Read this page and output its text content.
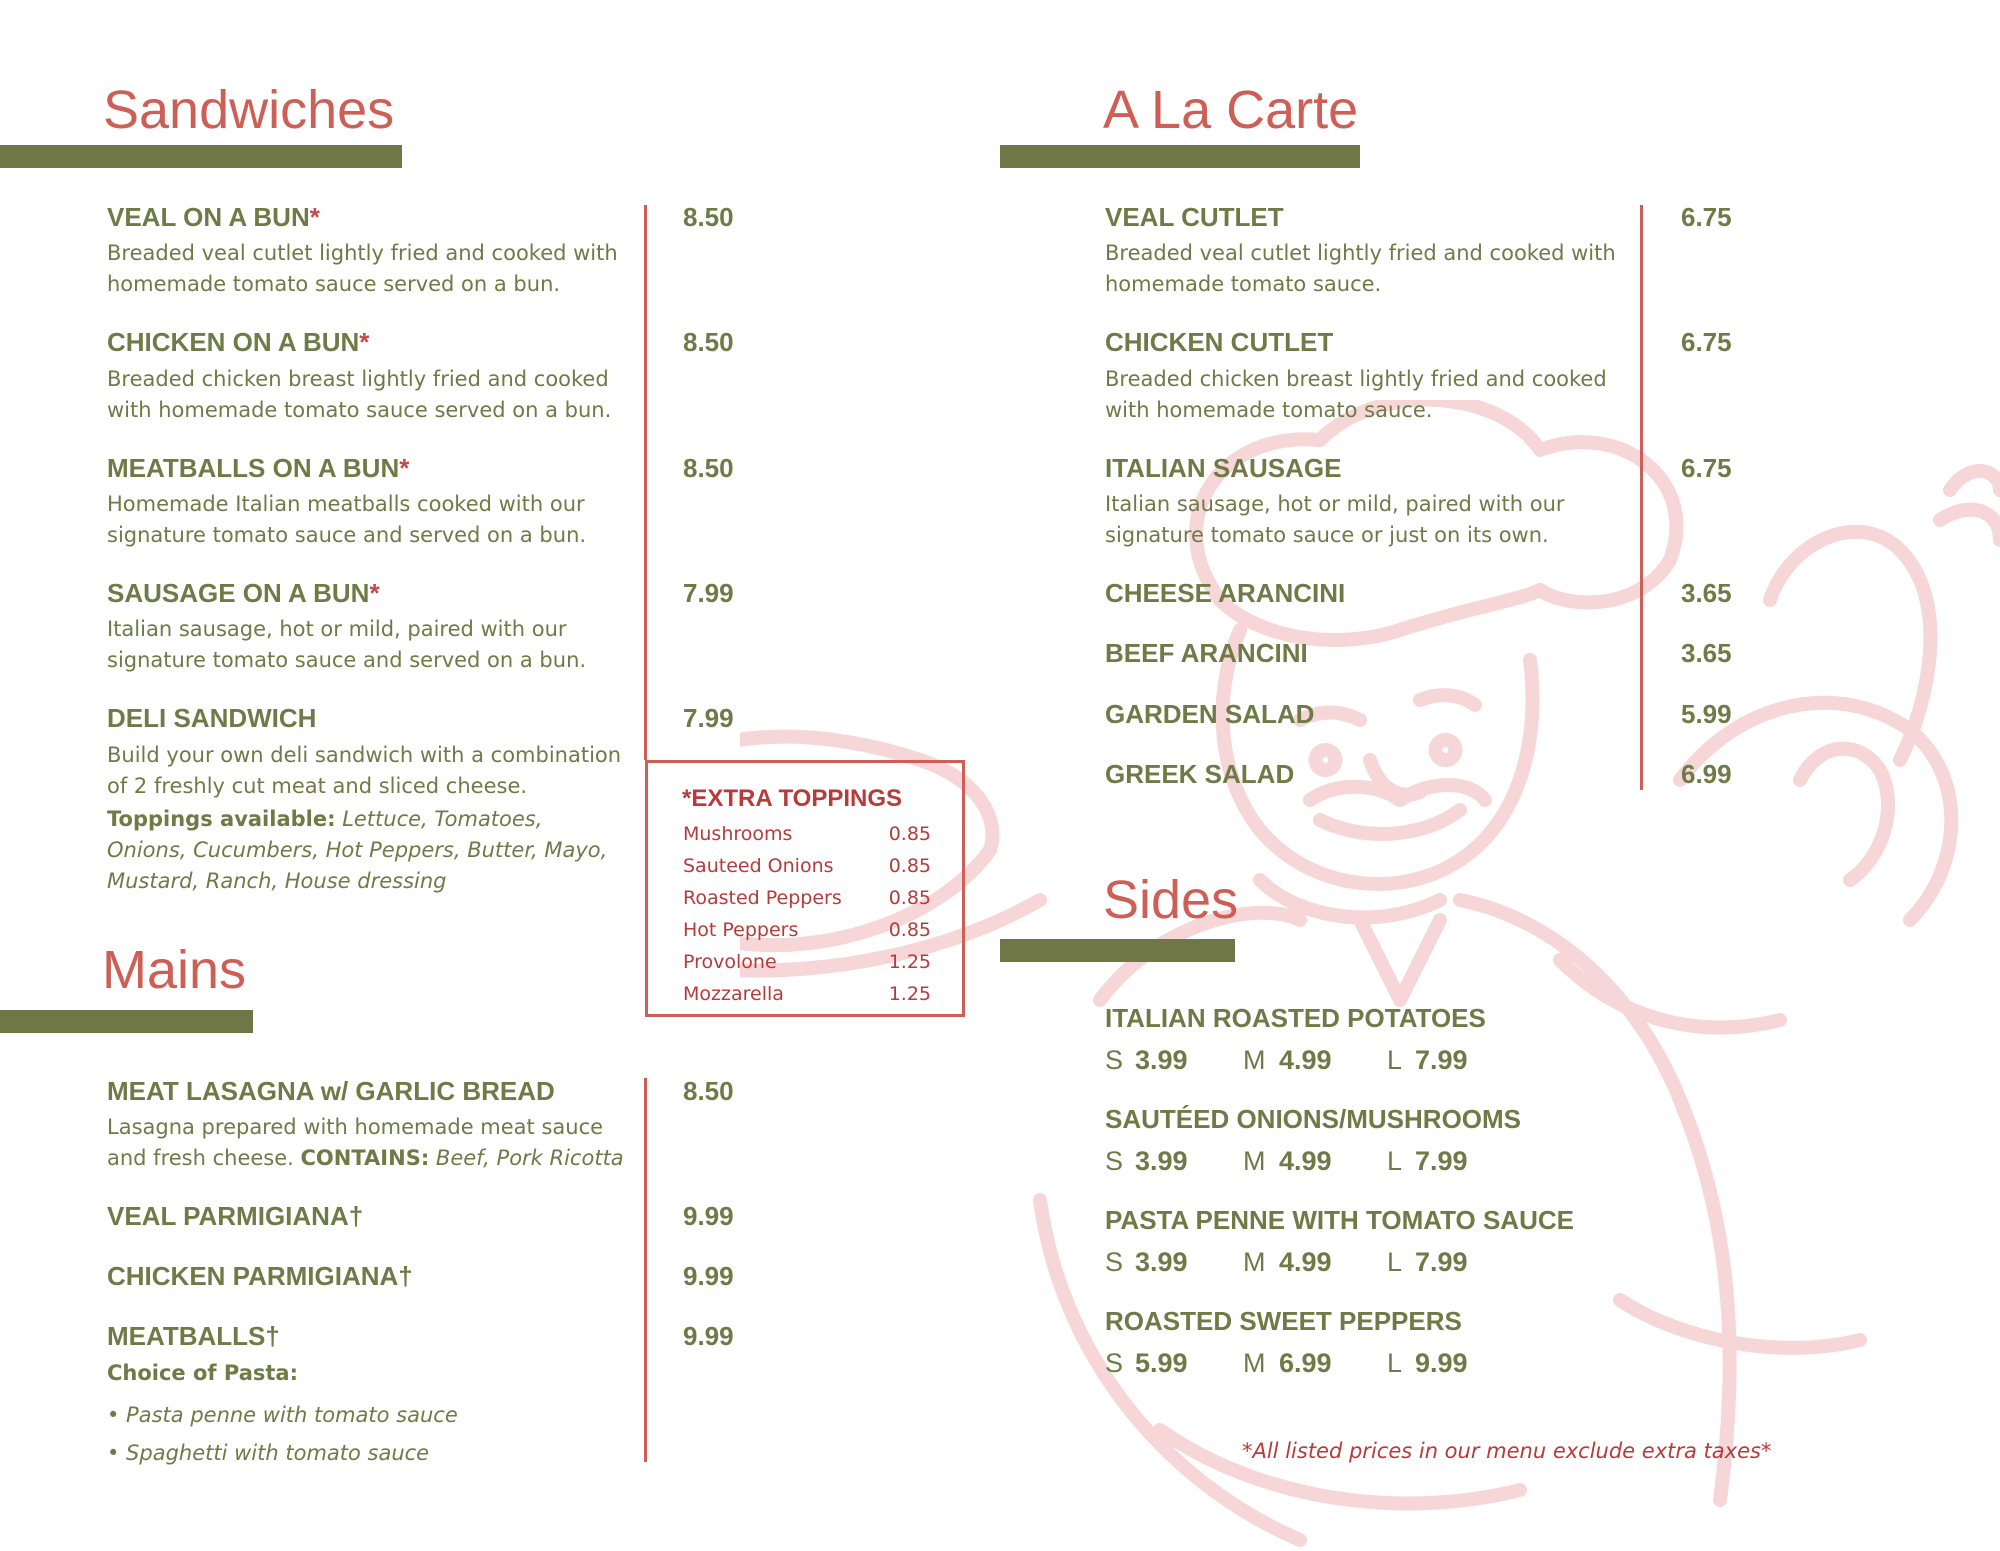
Sandwiches
VEAL ON A BUN*	8.50
Breaded veal cutlet lightly fried and cooked with homemade tomato sauce served on a bun.
CHICKEN ON A BUN*	8.50
Breaded chicken breast lightly fried and cooked with homemade tomato sauce served on a bun.
MEATBALLS ON A BUN*	8.50
Homemade Italian meatballs cooked with our signature tomato sauce and served on a bun.
SAUSAGE ON A BUN*	7.99
Italian sausage, hot or mild, paired with our signature tomato sauce and served on a bun.
DELI SANDWICH	7.99
Build your own deli sandwich with a combination of 2 freshly cut meat and sliced cheese.
Toppings available: Lettuce, Tomatoes, Onions, Cucumbers, Hot Peppers, Butter, Mayo, Mustard, Ranch, House dressing
*EXTRA TOPPINGS
Mushrooms	0.85
Sauteed Onions	0.85
Roasted Peppers 0.85
Hot Peppers	0.85
Provolone	1.25
Mozzarella	1.25
Mains
MEAT LASAGNA w/ GARLIC BREAD	8.50
Lasagna prepared with homemade meat sauce and fresh cheese. CONTAINS: Beef, Pork Ricotta
VEAL PARMIGIANA†	9.99
CHICKEN PARMIGIANA†	9.99
MEATBALLS†	9.99
Choice of Pasta:
• Pasta penne with tomato sauce
• Spaghetti with tomato sauce
A La Carte
VEAL CUTLET	6.75
Breaded veal cutlet lightly fried and cooked with homemade tomato sauce.
CHICKEN CUTLET	6.75
Breaded chicken breast lightly fried and cooked with homemade tomato sauce.
ITALIAN SAUSAGE	6.75
Italian sausage, hot or mild, paired with our signature tomato sauce or just on its own.
CHEESE ARANCINI	3.65
BEEF ARANCINI	3.65
GARDEN SALAD	5.99
GREEK SALAD	6.99
Sides
ITALIAN ROASTED POTATOES
S 3.99 M 4.99 L 7.99
SAUTÉED ONIONS/MUSHROOMS
S 3.99 M 4.99 L 7.99
PASTA PENNE WITH TOMATO SAUCE
S 3.99 M 4.99 L 7.99
ROASTED SWEET PEPPERS
S 5.99 M 6.99 L 9.99
*All listed prices in our menu exclude extra taxes*
